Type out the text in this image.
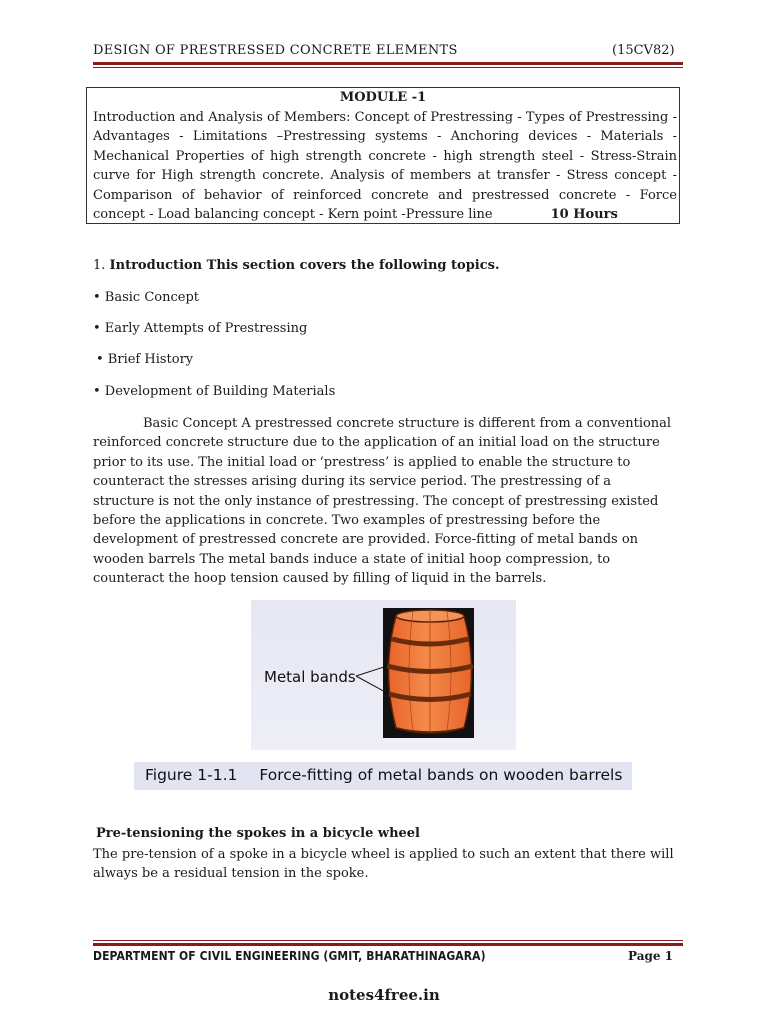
DESIGN OF PRESTRESSED CONCRETE ELEMENTS	(15CV82)
MODULE -1
Introduction and Analysis of Members: Concept of Prestressing - Types of Prestressing - Advantages - Limitations –Prestressing systems - Anchoring devices - Materials - Mechanical Properties of high strength concrete - high strength steel - Stress-Strain curve for High strength concrete. Analysis of members at transfer - Stress concept - Comparison of behavior of reinforced concrete and prestressed concrete - Force concept - Load balancing concept - Kern point -Pressure line	10 Hours
1. Introduction This section covers the following topics.
• Basic Concept
• Early Attempts of Prestressing
• Brief History
• Development of Building Materials
Basic Concept A prestressed concrete structure is different from a conventional reinforced concrete structure due to the application of an initial load on the structure prior to its use. The initial load or ‘prestress’ is applied to enable the structure to counteract the stresses arising during its service period. The prestressing of a structure is not the only instance of prestressing. The concept of prestressing existed before the applications in concrete. Two examples of prestressing before the development of prestressed concrete are provided. Force-fitting of metal bands on wooden barrels The metal bands induce a state of initial hoop compression, to counteract the hoop tension caused by filling of liquid in the barrels.
Metal bands
Figure 1-1.1 Force-fitting of metal bands on wooden barrels
Pre-tensioning the spokes in a bicycle wheel
The pre-tension of a spoke in a bicycle wheel is applied to such an extent that there will always be a residual tension in the spoke.
DEPARTMENT OF CIVIL ENGINEERING (GMIT, BHARATHINAGARA)	Page 1
notes4free.in
